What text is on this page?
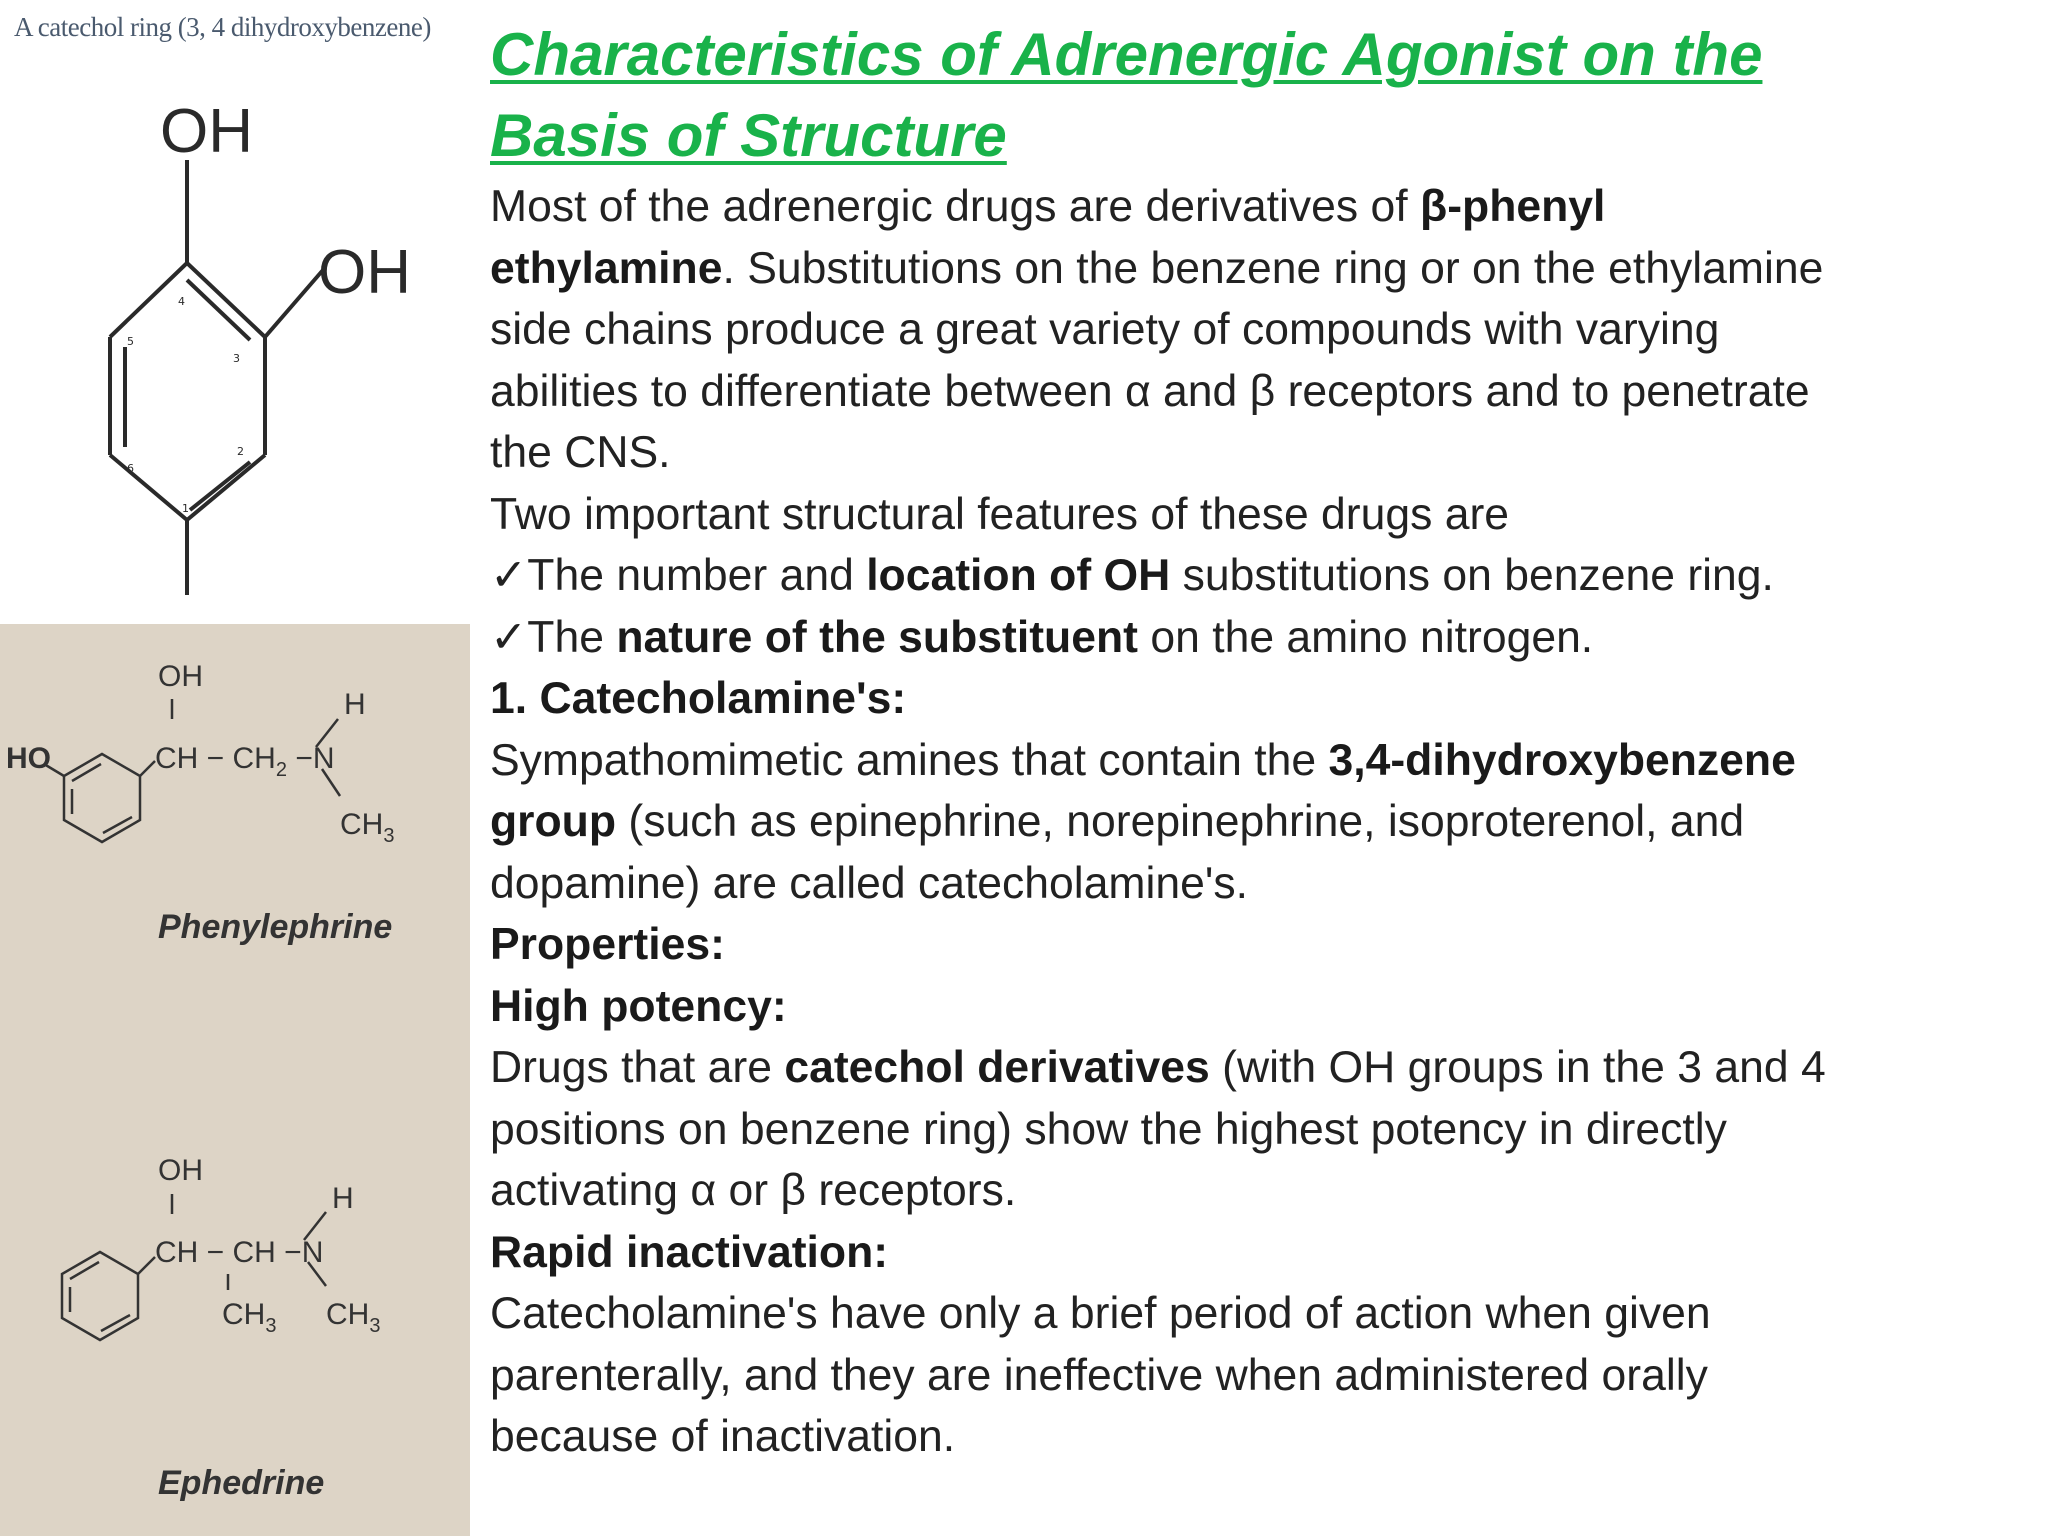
A catechol ring (3, 4 dihydroxybenzene)
OH
OH
1
2
3
4
5
6
HO
OH
CH − $CH_2 -N$
H
$CH_3$
Phenylephrine
OH
CH − CH −N
H
$CH_3$ $CH_3$
Ephedrine
Characteristics of Adrenergic Agonist on the
Basis of Structure
Most of the adrenergic drugs are derivatives of β-phenyl
ethylamine. Substitutions on the benzene ring or on the ethylamine
side chains produce a great variety of compounds with varying
abilities to differentiate between α and β receptors and to penetrate
the CNS.
Two important structural features of these drugs are
✓The number and location of OH substitutions on benzene ring.
✓The nature of the substituent on the amino nitrogen.
1. Catecholamine's:
Sympathomimetic amines that contain the 3,4-dihydroxybenzene
group (such as epinephrine, norepinephrine, isoproterenol, and
dopamine) are called catecholamine's.
Properties:
High potency:
Drugs that are catechol derivatives (with OH groups in the 3 and 4
positions on benzene ring) show the highest potency in directly
activating α or β receptors.
Rapid inactivation:
Catecholamine's have only a brief period of action when given
parenterally, and they are ineffective when administered orally
because of inactivation.
